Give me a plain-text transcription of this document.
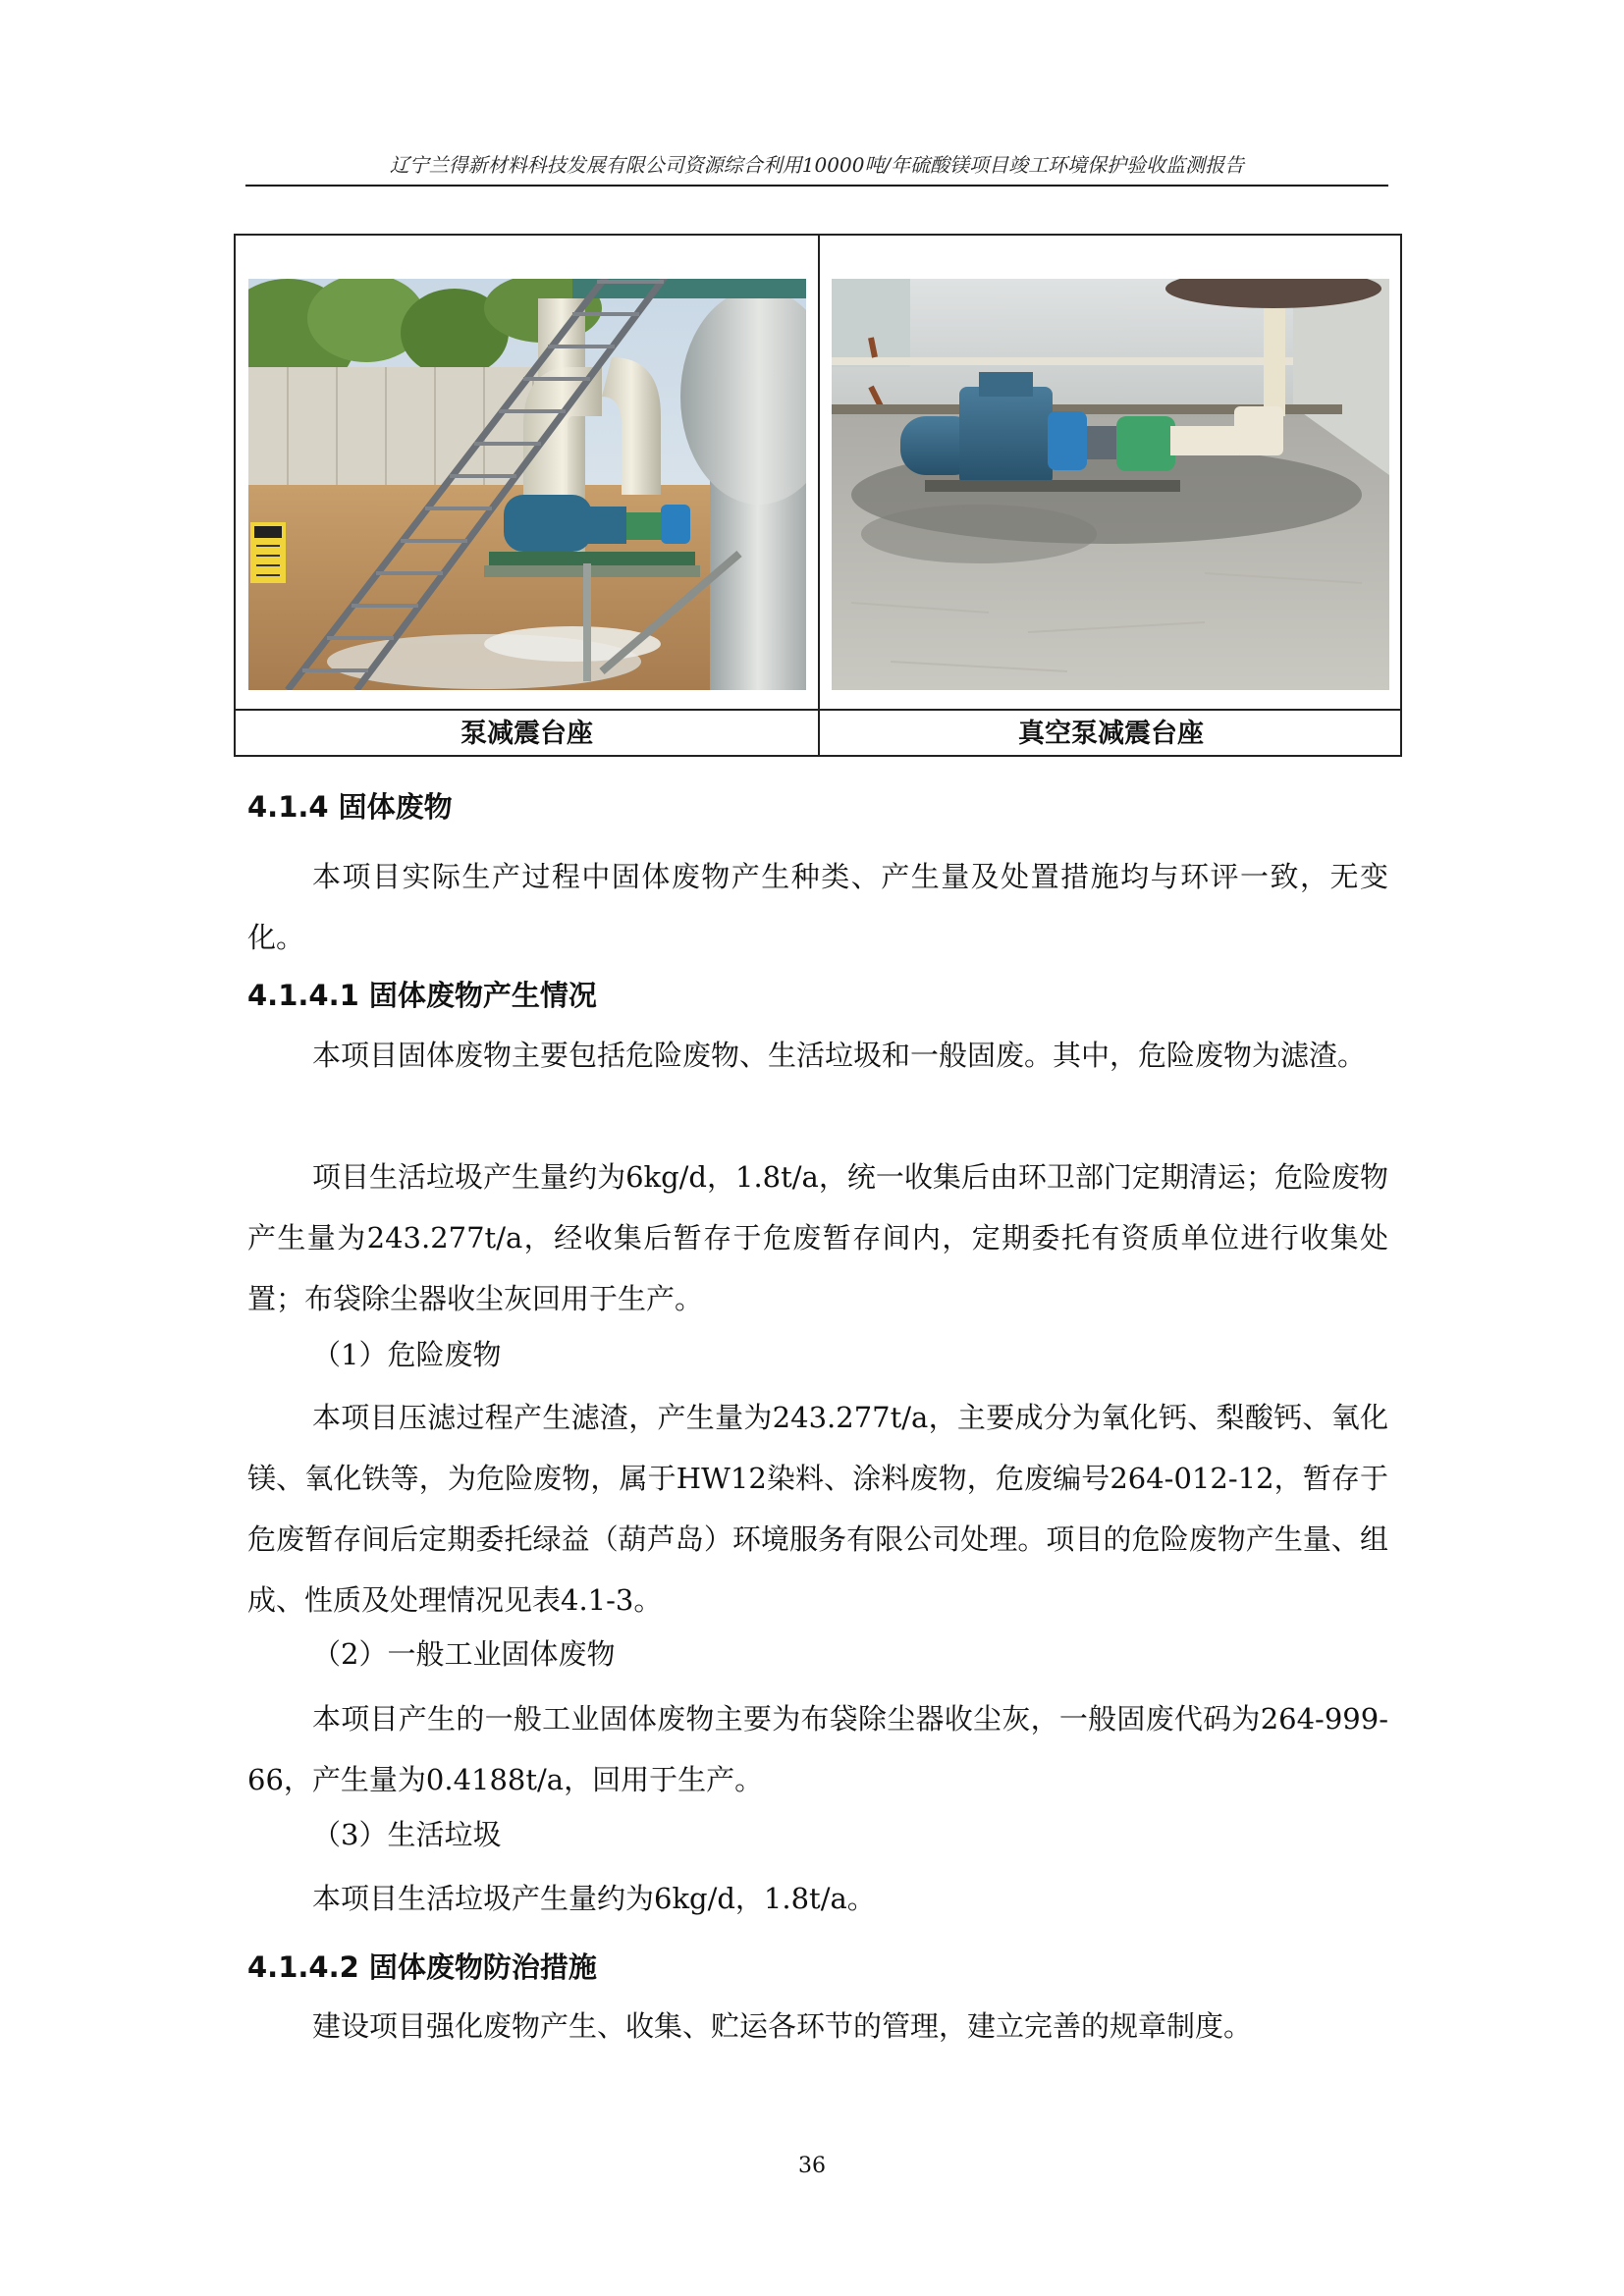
辽宁兰得新材料科技发展有限公司资源综合利用10000吨/年硫酸镁项目竣工环境保护验收监测报告
泵减震台座	真空泵减震台座
4.1.4 固体废物
本项目实际生产过程中固体废物产生种类、产生量及处置措施均与环评一致，无变化。
4.1.4.1 固体废物产生情况
本项目固体废物主要包括危险废物、生活垃圾和一般固废。其中，危险废物为滤渣。
项目生活垃圾产生量约为6kg/d，1.8t/a，统一收集后由环卫部门定期清运；危险废物产生量为243.277t/a，经收集后暂存于危废暂存间内，定期委托有资质单位进行收集处置；布袋除尘器收尘灰回用于生产。
（1）危险废物
本项目压滤过程产生滤渣，产生量为243.277t/a，主要成分为氧化钙、梨酸钙、氧化镁、氧化铁等，为危险废物，属于HW12染料、涂料废物，危废编号264-012-12，暂存于危废暂存间后定期委托绿益（葫芦岛）环境服务有限公司处理。项目的危险废物产生量、组成、性质及处理情况见表4.1-3。
（2）一般工业固体废物
本项目产生的一般工业固体废物主要为布袋除尘器收尘灰，一般固废代码为264-999-66，产生量为0.4188t/a，回用于生产。
（3）生活垃圾
本项目生活垃圾产生量约为6kg/d，1.8t/a。
4.1.4.2 固体废物防治措施
建设项目强化废物产生、收集、贮运各环节的管理，建立完善的规章制度。
36
